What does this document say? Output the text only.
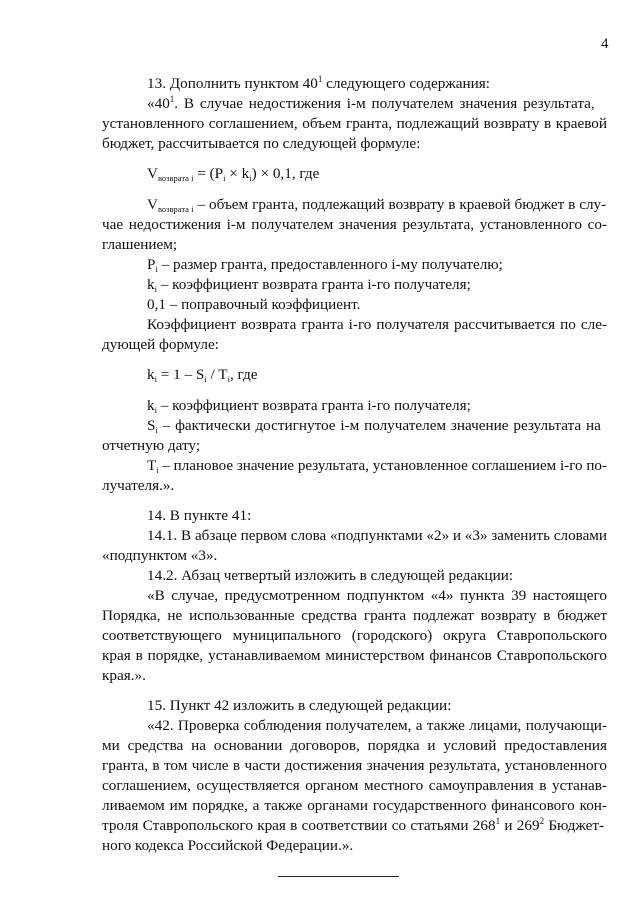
4
13. Дополнить пунктом $40^1$ следующего содержания:
«$40^1$. В случае недостижения i-м получателем значения результата,
установленного соглашением, объем гранта, подлежащий возврату в краевой
бюджет, рассчитывается по следующей формуле:
$V_{возврата i} = (P_i \times k_i) \times 0,1$, где
$V_{возврата i}$ – объем гранта, подлежащий возврату в краевой бюджет в слу-
чае недостижения i-м получателем значения результата, установленного со-
глашением;
$P_i$ – размер гранта, предоставленного i-му получателю;
$k_i$ – коэффициент возврата гранта i-го получателя;
0,1 – поправочный коэффициент.
Коэффициент возврата гранта i-го получателя рассчитывается по сле-
дующей формуле:
$k_i = 1 - S_i / T_i$, где
$k_i$ – коэффициент возврата гранта i-го получателя;
$S_i$ – фактически достигнутое i-м получателем значение результата на
отчетную дату;
$T_i$ – плановое значение результата, установленное соглашением i-го по-
лучателя.».
14. В пункте 41:
14.1. В абзаце первом слова «подпунктами «2» и «3» заменить словами
«подпунктом «3».
14.2. Абзац четвертый изложить в следующей редакции:
«В случае, предусмотренном подпунктом «4» пункта 39 настоящего
Порядка, не использованные средства гранта подлежат возврату в бюджет
соответствующего муниципального (городского) округа Ставропольского
края в порядке, устанавливаемом министерством финансов Ставропольского
края.».
15. Пункт 42 изложить в следующей редакции:
«42. Проверка соблюдения получателем, а также лицами, получающи-
ми средства на основании договоров, порядка и условий предоставления
гранта, в том числе в части достижения значения результата, установленного
соглашением, осуществляется органом местного самоуправления в устанав-
ливаемом им порядке, а также органами государственного финансового кон-
троля Ставропольского края в соответствии со статьями $268^1$ и $269^2$ Бюджет-
ного кодекса Российской Федерации.».
